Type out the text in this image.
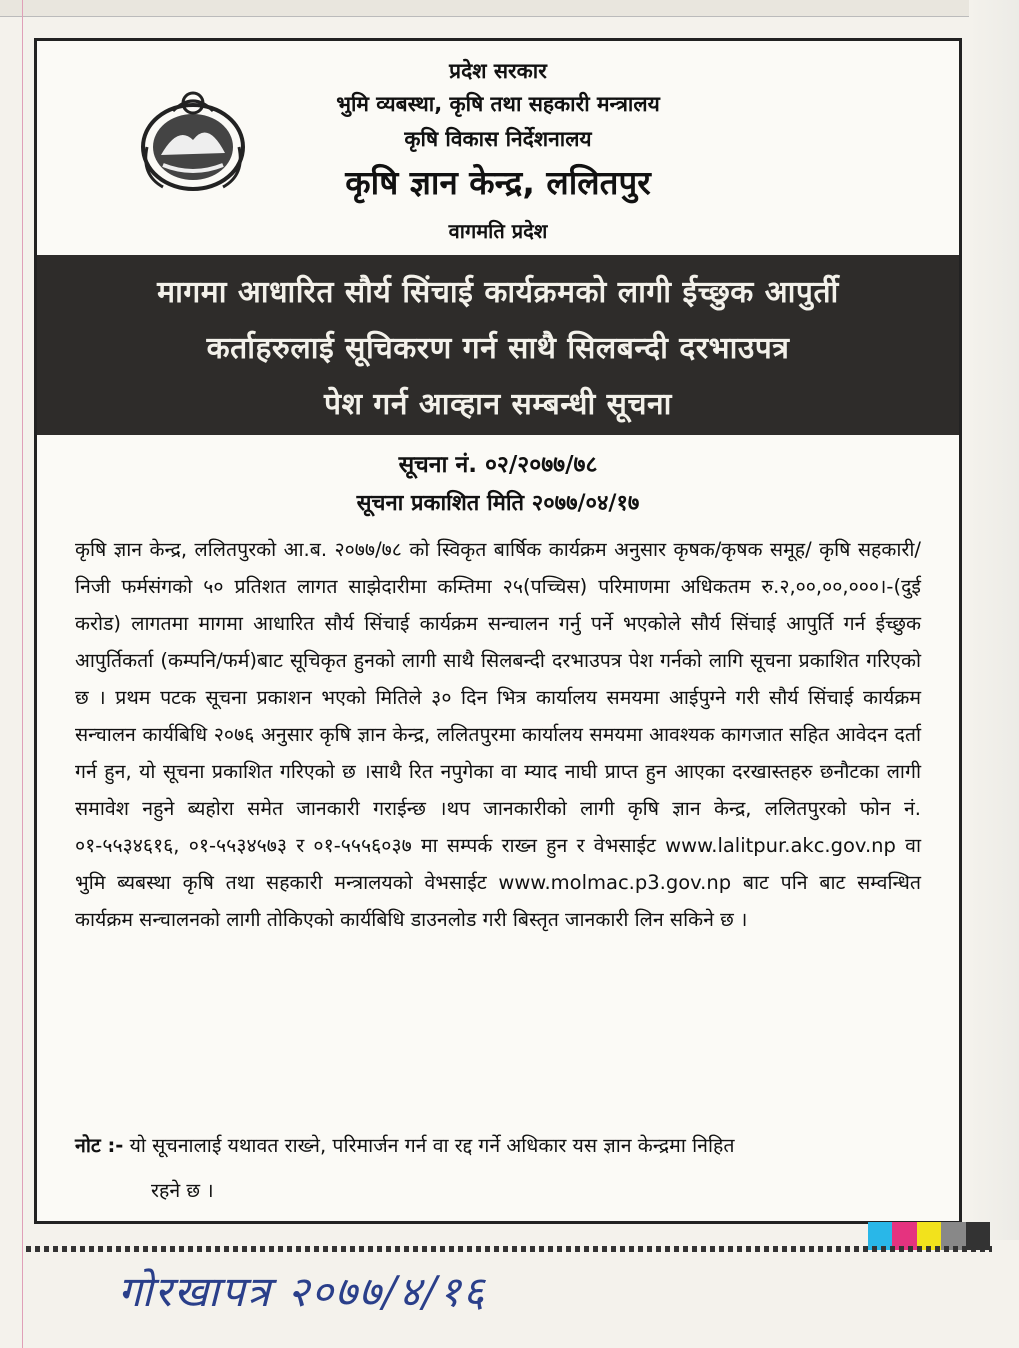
प्रदेश सरकार
भुमि व्यबस्था, कृषि तथा सहकारी मन्त्रालय
कृषि विकास निर्देशनालय
कृषि ज्ञान केन्द्र, ललितपुर
वागमति प्रदेश
मागमा आधारित सौर्य सिंचाई कार्यक्रमको लागी ईच्छुक आपुर्ती
कर्ताहरुलाई सूचिकरण गर्न साथै सिलबन्दी दरभाउपत्र
पेश गर्न आव्हान सम्बन्धी सूचना
सूचना नं. ०२/२०७७/७८
सूचना प्रकाशित मिति २०७७/०४/१७
कृषि ज्ञान केन्द्र, ललितपुरको आ.ब. २०७७/७८ को स्विकृत बार्षिक कार्यक्रम अनुसार कृषक/कृषक समूह/ कृषि सहकारी/ निजी फर्मसंगको ५० प्रतिशत लागत साझेदारीमा कम्तिमा २५(पच्चिस) परिमाणमा अधिकतम रु.२,००,००,०००।-(दुई करोड) लागतमा मागमा आधारित सौर्य सिंचाई कार्यक्रम सन्चालन गर्नु पर्ने भएकोले सौर्य सिंचाई आपुर्ति गर्न ईच्छुक आपुर्तिकर्ता (कम्पनि/फर्म)बाट सूचिकृत हुनको लागी साथै सिलबन्दी दरभाउपत्र पेश गर्नको लागि सूचना प्रकाशित गरिएको छ । प्रथम पटक सूचना प्रकाशन भएको मितिले ३० दिन भित्र कार्यालय समयमा आईपुग्ने गरी सौर्य सिंचाई कार्यक्रम सन्चालन कार्यबिधि २०७६ अनुसार कृषि ज्ञान केन्द्र, ललितपुरमा कार्यालय समयमा आवश्यक कागजात सहित आवेदन दर्ता गर्न हुन, यो सूचना प्रकाशित गरिएको छ ।साथै रित नपुगेका वा म्याद नाघी प्राप्त हुन आएका दरखास्तहरु छनौटका लागी समावेश नहुने ब्यहोरा समेत जानकारी गराईन्छ ।थप जानकारीको लागी कृषि ज्ञान केन्द्र, ललितपुरको फोन नं. ०१-५५३४६१६, ०१-५५३४५७३ र ०१-५५५६०३७ मा सम्पर्क राख्न हुन र वेभसाईट www.lalitpur.akc.gov.np वा भुमि ब्यबस्था कृषि तथा सहकारी मन्त्रालयको वेभसाईट www.molmac.p3.gov.np बाट पनि बाट सम्वन्धित कार्यक्रम सन्चालनको लागी तोकिएको कार्यबिधि डाउनलोड गरी बिस्तृत जानकारी लिन सकिने छ ।
नोट :- यो सूचनालाई यथावत राख्ने, परिमार्जन गर्न वा रद्द गर्ने अधिकार यस ज्ञान केन्द्रमा निहित
रहने छ ।
गोरखापत्र २०७७/४/१६
